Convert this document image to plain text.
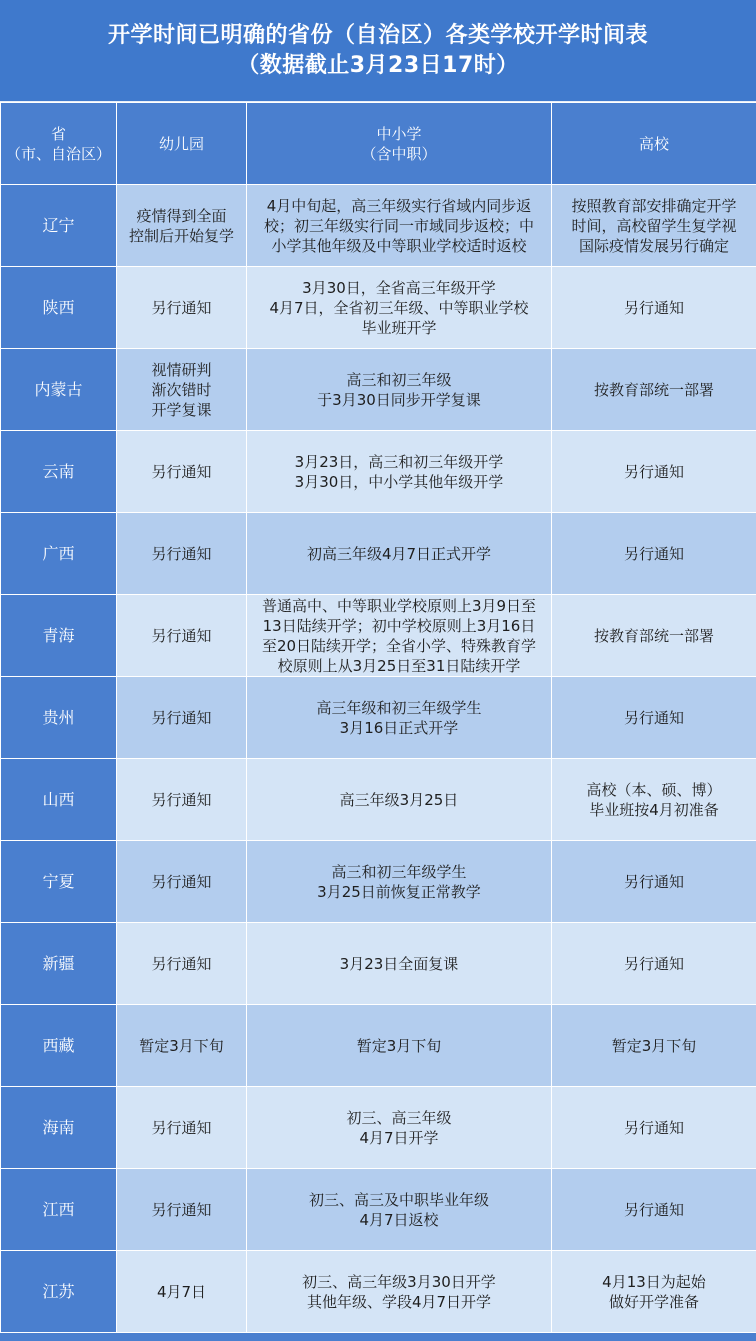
开学时间已明确的省份（自治区）各类学校开学时间表
（数据截止3月23日17时）
省
（市、自治区）	幼儿园	中小学
（含中职）	高校
辽宁	疫情得到全面
控制后开始复学	4月中旬起，高三年级实行省域内同步返
校；初三年级实行同一市域同步返校；中
小学其他年级及中等职业学校适时返校	按照教育部安排确定开学
时间，高校留学生复学视
国际疫情发展另行确定

陕西	另行通知	3月30日，全省高三年级开学
4月7日，全省初三年级、中等职业学校
毕业班开学	另行通知

内蒙古	视情研判
渐次错时
开学复课	高三和初三年级
于3月30日同步开学复课	按教育部统一部署

云南	另行通知	3月23日，高三和初三年级开学
3月30日，中小学其他年级开学	另行通知

广西	另行通知	初高三年级4月7日正式开学	另行通知

青海	另行通知	普通高中、中等职业学校原则上3月9日至
13日陆续开学；初中学校原则上3月16日
至20日陆续开学；全省小学、特殊教育学
校原则上从3月25日至31日陆续开学	按教育部统一部署

贵州	另行通知	高三年级和初三年级学生
3月16日正式开学	另行通知

山西	另行通知	高三年级3月25日	高校（本、硕、博）
毕业班按4月初准备

宁夏	另行通知	高三和初三年级学生
3月25日前恢复正常教学	另行通知

新疆	另行通知	3月23日全面复课	另行通知

西藏	暂定3月下旬	暂定3月下旬	暂定3月下旬

海南	另行通知	初三、高三年级
4月7日开学	另行通知

江西	另行通知	初三、高三及中职毕业年级
4月7日返校	另行通知

江苏	4月7日	初三、高三年级3月30日开学
其他年级、学段4月7日开学	4月13日为起始
做好开学准备
